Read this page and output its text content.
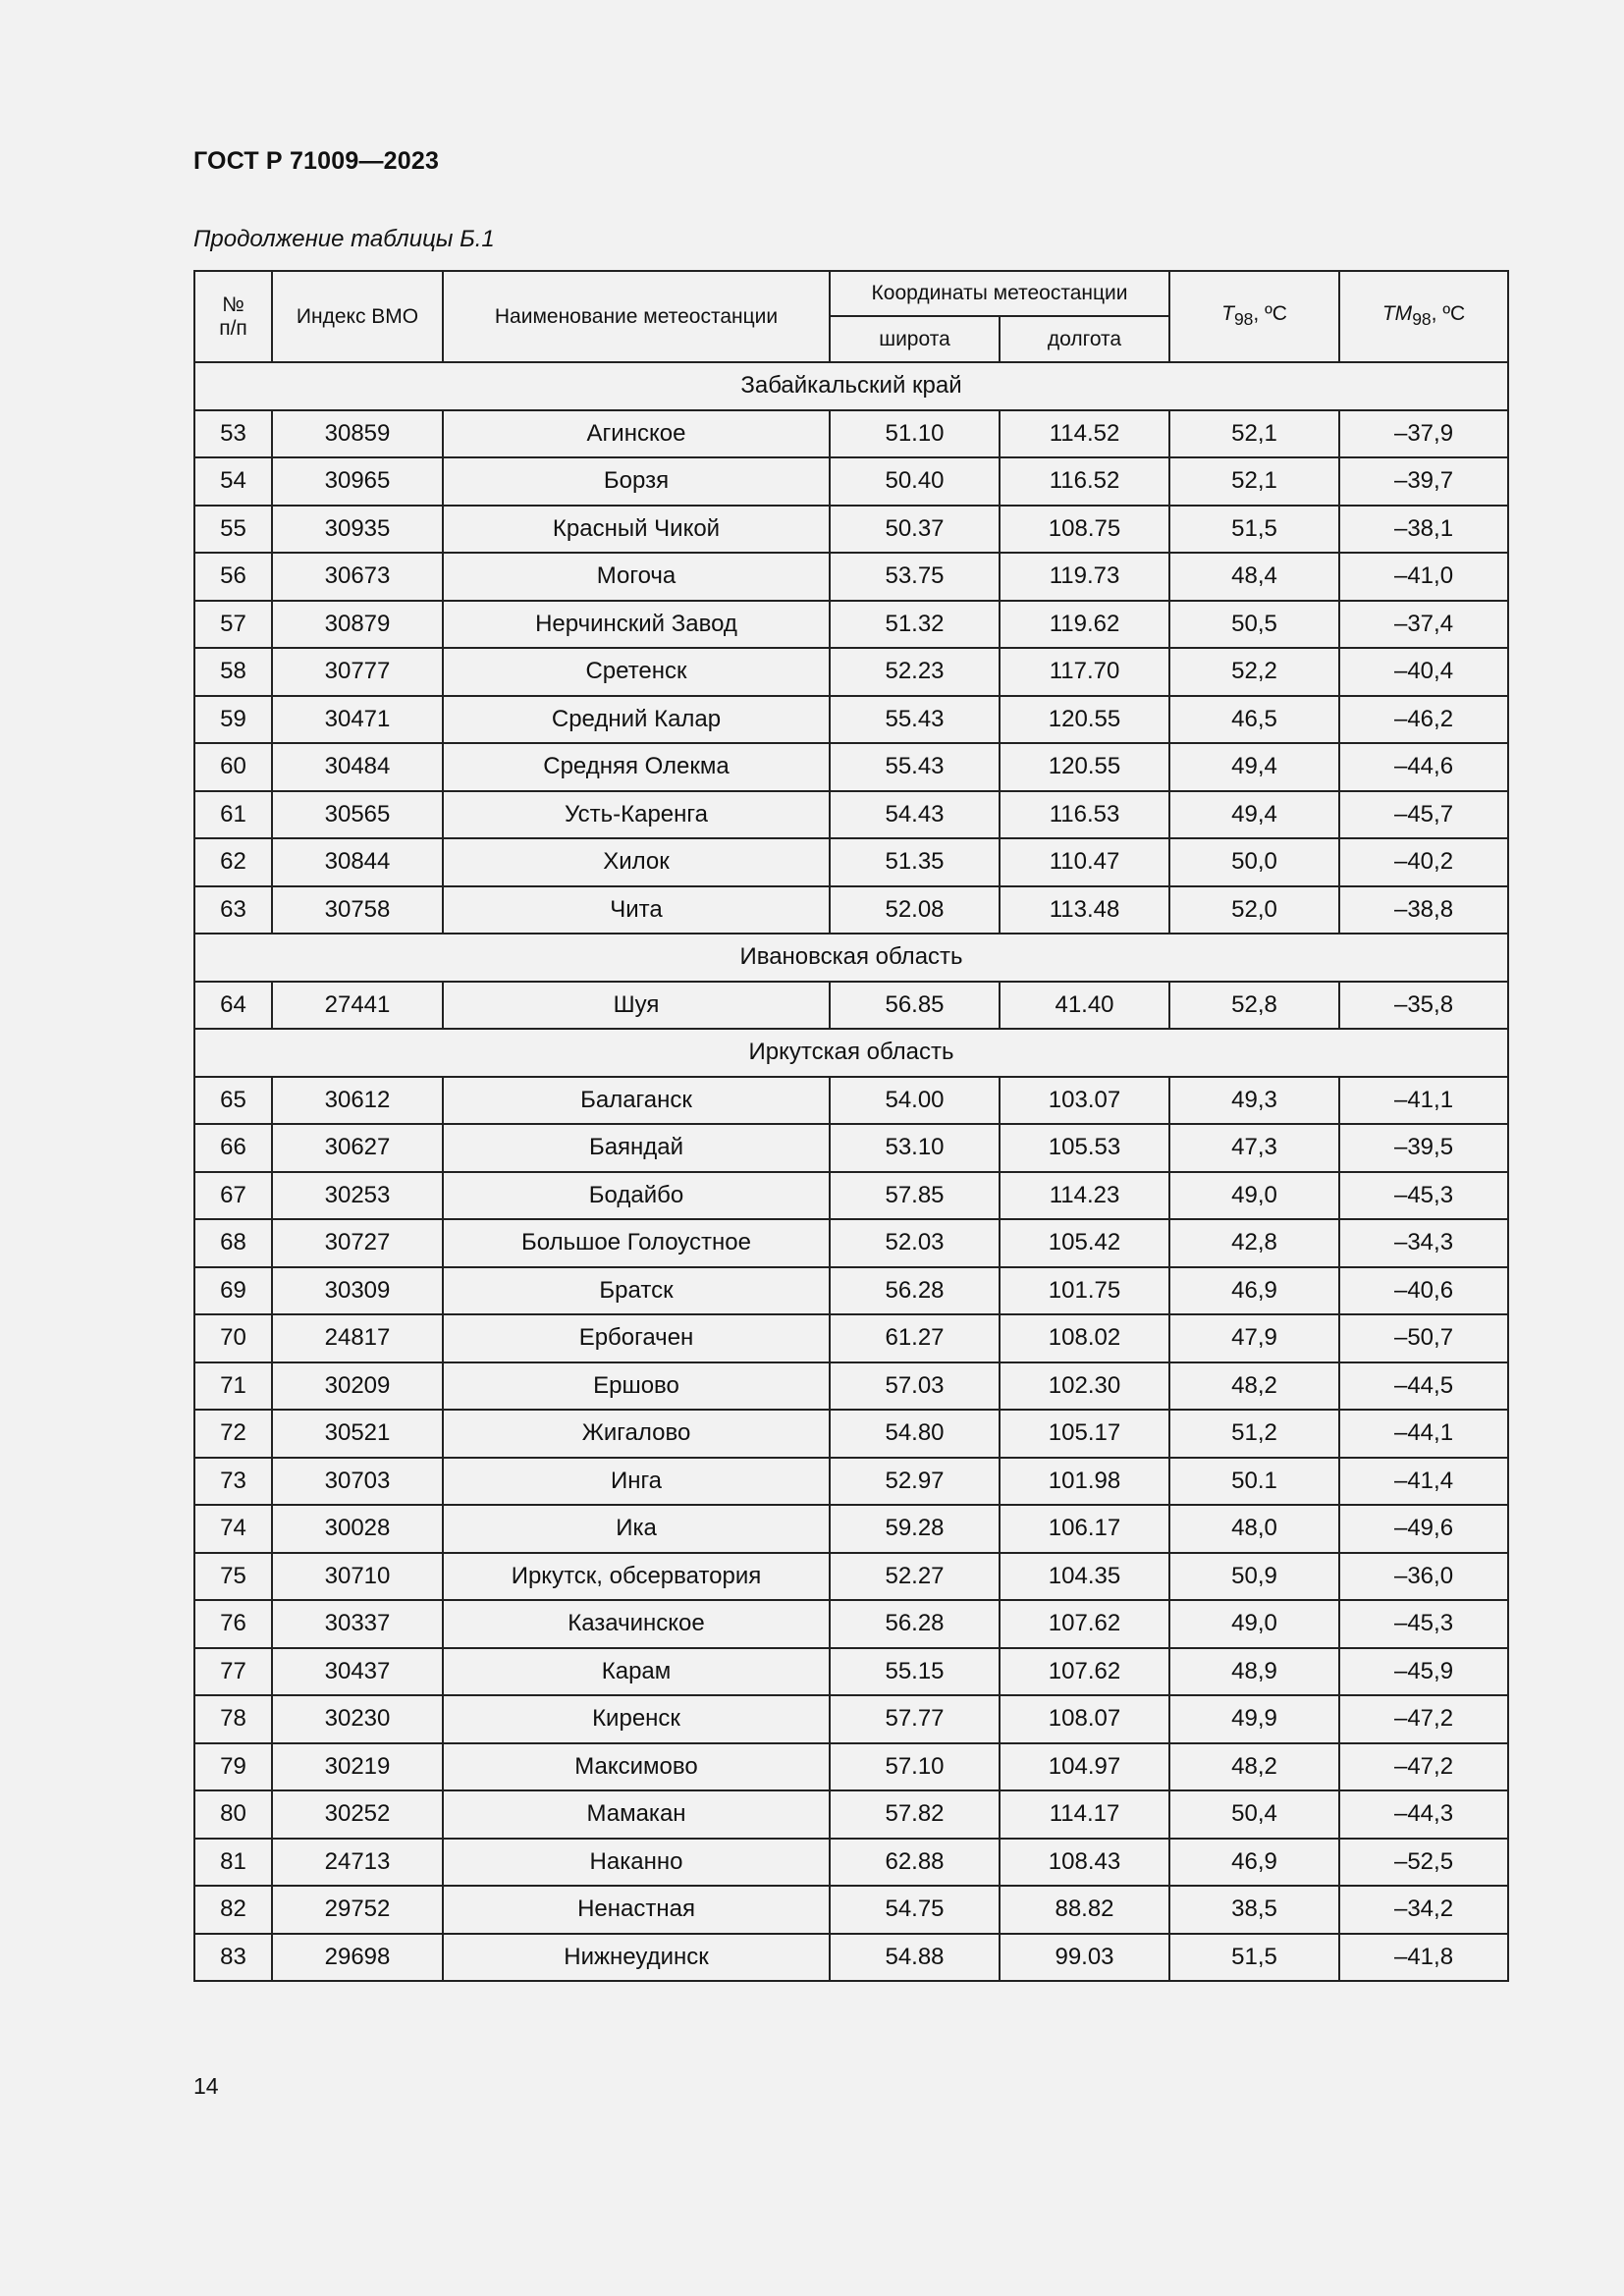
ГОСТ Р 71009—2023
Продолжение таблицы Б.1
№
п/п	Индекс ВМО	Наименование метеостанции	Координаты метеостанции		$T_{98}$, ºС	$TM_{98}$, ºС
			широта	долгота		
Забайкальский край						
53	30859	Агинское	51.10	114.52	52,1	–37,9
54	30965	Борзя	50.40	116.52	52,1	–39,7
55	30935	Красный Чикой	50.37	108.75	51,5	–38,1
56	30673	Могоча	53.75	119.73	48,4	–41,0
57	30879	Нерчинский Завод	51.32	119.62	50,5	–37,4
58	30777	Сретенск	52.23	117.70	52,2	–40,4
59	30471	Средний Калар	55.43	120.55	46,5	–46,2
60	30484	Средняя Олекма	55.43	120.55	49,4	–44,6
61	30565	Усть-Каренга	54.43	116.53	49,4	–45,7
62	30844	Хилок	51.35	110.47	50,0	–40,2
63	30758	Чита	52.08	113.48	52,0	–38,8
Ивановская область						
64	27441	Шуя	56.85	41.40	52,8	–35,8
Иркутская область						
65	30612	Балаганск	54.00	103.07	49,3	–41,1
66	30627	Баяндай	53.10	105.53	47,3	–39,5
67	30253	Бодайбо	57.85	114.23	49,0	–45,3
68	30727	Большое Голоустное	52.03	105.42	42,8	–34,3
69	30309	Братск	56.28	101.75	46,9	–40,6
70	24817	Ербогачен	61.27	108.02	47,9	–50,7
71	30209	Ершово	57.03	102.30	48,2	–44,5
72	30521	Жигалово	54.80	105.17	51,2	–44,1
73	30703	Инга	52.97	101.98	50.1	–41,4
74	30028	Ика	59.28	106.17	48,0	–49,6
75	30710	Иркутск, обсерватория	52.27	104.35	50,9	–36,0
76	30337	Казачинское	56.28	107.62	49,0	–45,3
77	30437	Карам	55.15	107.62	48,9	–45,9
78	30230	Киренск	57.77	108.07	49,9	–47,2
79	30219	Максимово	57.10	104.97	48,2	–47,2
80	30252	Мамакан	57.82	114.17	50,4	–44,3
81	24713	Наканно	62.88	108.43	46,9	–52,5
82	29752	Ненастная	54.75	88.82	38,5	–34,2
83	29698	Нижнеудинск	54.88	99.03	51,5	–41,8
14
